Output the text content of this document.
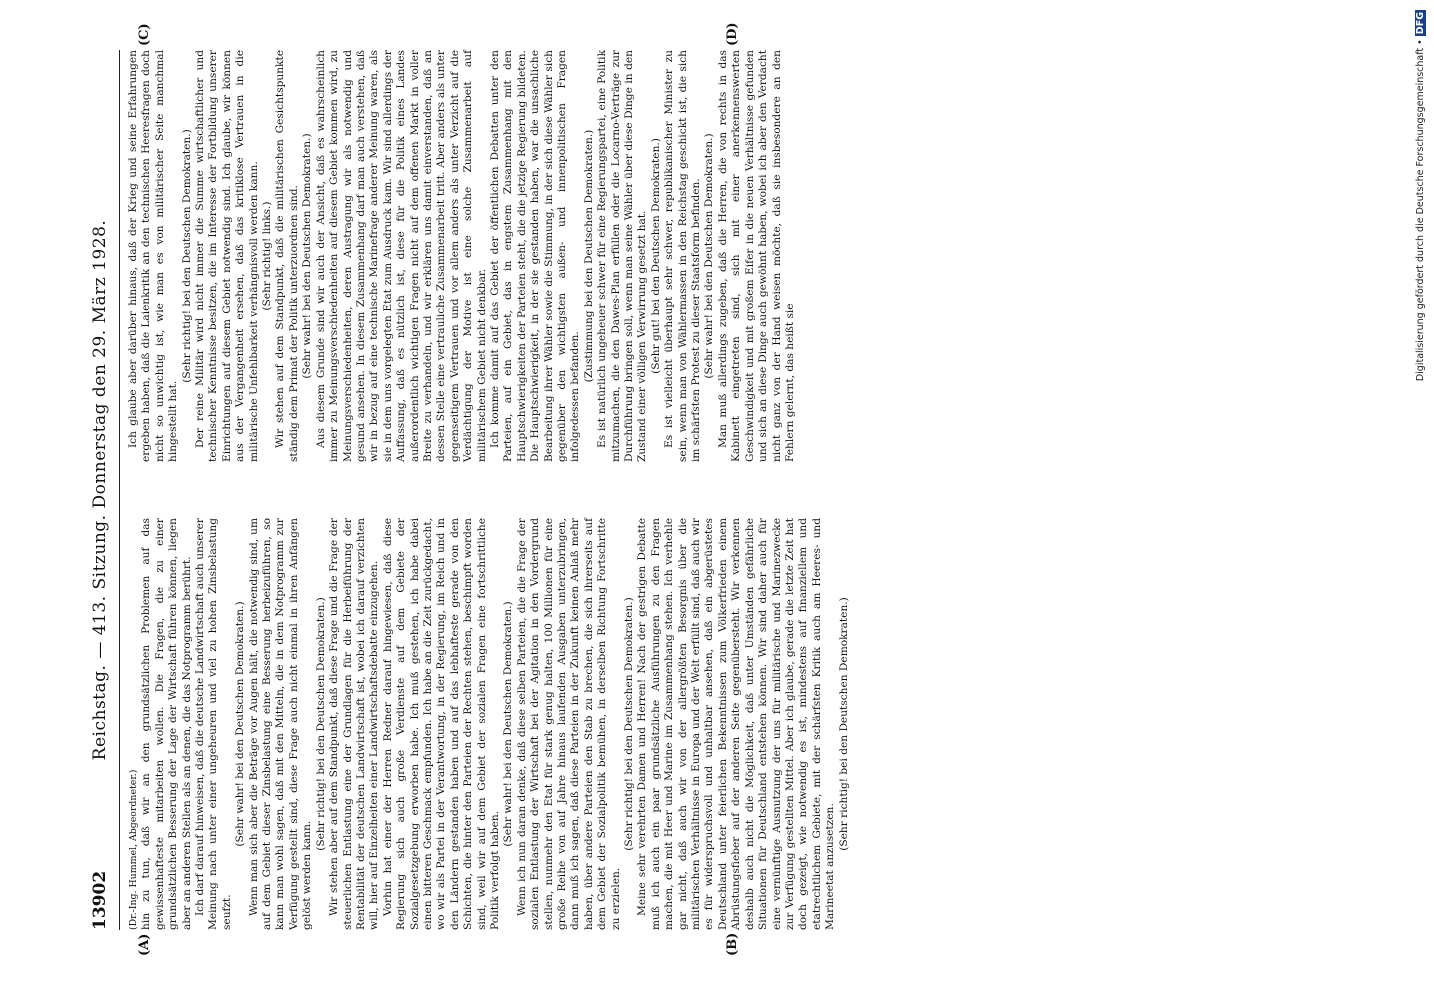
Reichstag. — 413. Sitzung. Donnerstag den 29. März 1928.
13902
(A)	(B)
(C)	(D)

(Dr.-Ing. Hummel, Abgeordneter.) hin zu tun, daß wir an den grundsätzlichen Problemen auf das gewissenhafteste mitarbeiten wollen. Die Fragen, die zu einer grundsätzlichen Besserung der Lage der Wirtschaft führen können, liegen aber an anderen Stellen als an denen, die das Notprogramm berührt. Ich darf darauf hinweisen, daß die deutsche Landwirtschaft auch unserer Meinung nach unter einer ungeheuren und viel zu hohen Zinsbelastung seufzt.

(Sehr wahr! bei den Deutschen Demokraten.) Wenn man sich aber die Beträge vor Augen hält, die notwendig sind, um auf dem Gebiet dieser Zinsbelastung eine Besserung herbeizuführen, so kann man wohl sagen, daß mit den Mitteln, die in dem Notprogramm zur Verfügung gestellt sind, diese Frage auch nicht einmal in ihren Anfängen gelöst werden kann.

(Sehr richtig! bei den Deutschen Demokraten.) Wir stehen aber auf dem Standpunkt, daß diese Frage und die Frage der steuerlichen Entlastung eine der Grundlagen für die Herbeiführung der Rentabilität der deutschen Landwirtschaft ist, wobei ich darauf verzichten will, hier auf Einzelheiten einer Landwirtschaftsdebatte einzugehen. Vorhin hat einer der Herren Redner darauf hingewiesen, daß diese Regierung sich auch große Verdienste auf dem Gebiete der Sozialgesetzgebung erworben habe. Ich muß gestehen, ich habe dabei einen bitteren Geschmack empfunden. Ich habe an die Zeit zurückgedacht, wo wir als Partei in der Verantwortung, in der Regierung, im Reich und in den Ländern gestanden haben und auf das lebhafteste gerade von den Schichten, die hinter den Parteien der Rechten stehen, beschimpft worden sind, weil wir auf dem Gebiet der sozialen Fragen eine fortschrittliche Politik verfolgt haben.

(Sehr wahr! bei den Deutschen Demokraten.) Wenn ich nun daran denke, daß diese selben Parteien, die die Frage der sozialen Entlastung der Wirtschaft bei der Agitation in den Vordergrund stellen, nunmehr den Etat für stark genug halten, 100 Millionen für eine große Reihe von auf Jahre hinaus laufenden Ausgaben unterzubringen, dann muß ich sagen, daß diese Parteien in der Zukunft keinen Anlaß mehr haben, über andere Parteien den Stab zu brechen, die sich ihrerseits auf dem Gebiet der Sozialpolitik bemühen, in derselben Richtung Fortschritte zu erzielen.

(Sehr richtig! bei den Deutschen Demokraten.) Meine sehr verehrten Damen und Herren! Nach der gestrigen Debatte muß ich auch ein paar grundsätzliche Ausführungen zu den Fragen machen, die mit Heer und Marine im Zusammenhang stehen. Ich verhehle gar nicht, daß auch wir von der allergrößten Besorgnis über die militärischen Verhältnisse in Europa und der Welt erfüllt sind, daß auch wir es für widerspruchsvoll und unhaltbar ansehen, daß ein abgerüstetes Deutschland unter feierlichen Bekenntnissen zum Völkerfrieden einem Abrüstungsfieber auf der anderen Seite gegenübersteht. Wir verkennen deshalb auch nicht die Möglichkeit, daß unter Umständen gefährliche Situationen für Deutschland entstehen können. Wir sind daher auch für eine vernünftige Ausnutzung der uns für militärische und Marinezwecke zur Verfügung gestellten Mittel. Aber ich glaube, gerade die letzte Zeit hat doch gezeigt, wie notwendig es ist, mindestens auf finanziellem und etatrechtlichem Gebiete, mit der schärfsten Kritik auch am Heeres- und Marineetat anzusetzen.

(Sehr richtig! bei den Deutschen Demokraten.)

Ich glaube aber darüber hinaus, daß der Krieg und seine Erfahrungen ergeben haben, daß die Laienkritik an den technischen Heeresfragen doch nicht so unwichtig ist, wie man es von militärischer Seite manchmal hingestellt hat.

(Sehr richtig! bei den Deutschen Demokraten.) Der reine Militär wird nicht immer die Summe wirtschaftlicher und technischer Kenntnisse besitzen, die im Interesse der Fortbildung unserer Einrichtungen auf diesem Gebiet notwendig sind. Ich glaube, wir können aus der Vergangenheit ersehen, daß das kritiklose Vertrauen in die militärische Unfehlbarkeit verhängnisvoll werden kann. (Sehr richtig! links.) Wir stehen auf dem Standpunkt, daß die militärischen Gesichtspunkte ständig dem Primat der Politik unterzuordnen sind. (Sehr wahr! bei den Deutschen Demokraten.) Aus diesem Grunde sind wir auch der Ansicht, daß es wahrscheinlich immer zu Meinungsverschiedenheiten auf diesem Gebiet kommen wird, zu Meinungsverschiedenheiten, deren Austragung wir als notwendig und gesund ansehen. In diesem Zusammenhang darf man auch verstehen, daß wir in bezug auf eine technische Marinefrage anderer Meinung waren, als sie in dem uns vorgelegten Etat zum Ausdruck kam. Wir sind allerdings der Auffassung, daß es nützlich ist, diese für die Politik eines Landes außerordentlich wichtigen Fragen nicht auf dem offenen Markt in voller Breite zu verhandeln, und wir erklären uns damit einverstanden, daß an dessen Stelle eine vertrauliche Zusammenarbeit tritt. Aber anders als unter gegenseitigem Vertrauen und vor allem anders als unter Verzicht auf die Verdächtigung der Motive ist eine solche Zusammenarbeit auf militärischem Gebiet nicht denkbar. Ich komme damit auf das Gebiet der öffentlichen Debatten unter den Parteien, auf ein Gebiet, das in engstem Zusammenhang mit den Hauptschwierigkeiten der Parteien steht, die die jetzige Regierung bildeten. Die Hauptschwierigkeit, in der sie gestanden haben, war die unsachliche Bearbeitung ihrer Wähler sowie die Stimmung, in der sich diese Wähler sich gegenüber den wichtigsten außen- und innenpolitischen Fragen infolgedessen befanden.

(Zustimmung bei den Deutschen Demokraten.) Es ist natürlich ungeheuer schwer für eine Regierungspartei, eine Politik mitzumachen, die den Dawes-Plan erfüllen oder die Locarno-Verträge zur Durchführung bringen soll, wenn man seine Wähler über diese Dinge in den Zustand einer völligen Verwirrung gesetzt hat. (Sehr gut! bei den Deutschen Demokraten.) Es ist vielleicht überhaupt sehr schwer, republikanischer Minister zu sein, wenn man von Wählermassen in den Reichstag geschickt ist, die sich im schärfsten Protest zu dieser Staatsform befinden. (Sehr wahr! bei den Deutschen Demokraten.) Man muß allerdings zugeben, daß die Herren, die von rechts in das Kabinett eingetreten sind, sich mit einer anerkennenswerten Geschwindigkeit und mit großem Eifer in die neuen Verhältnisse gefunden und sich an diese Dinge auch gewöhnt haben, wobei ich aber den Verdacht nicht ganz von der Hand weisen möchte, daß sie insbesondere an den Fehlern gelernt, das heißt sie

Digitalisierung gefördert durch die Deutsche Forschungsgemeinschaft • DFG
